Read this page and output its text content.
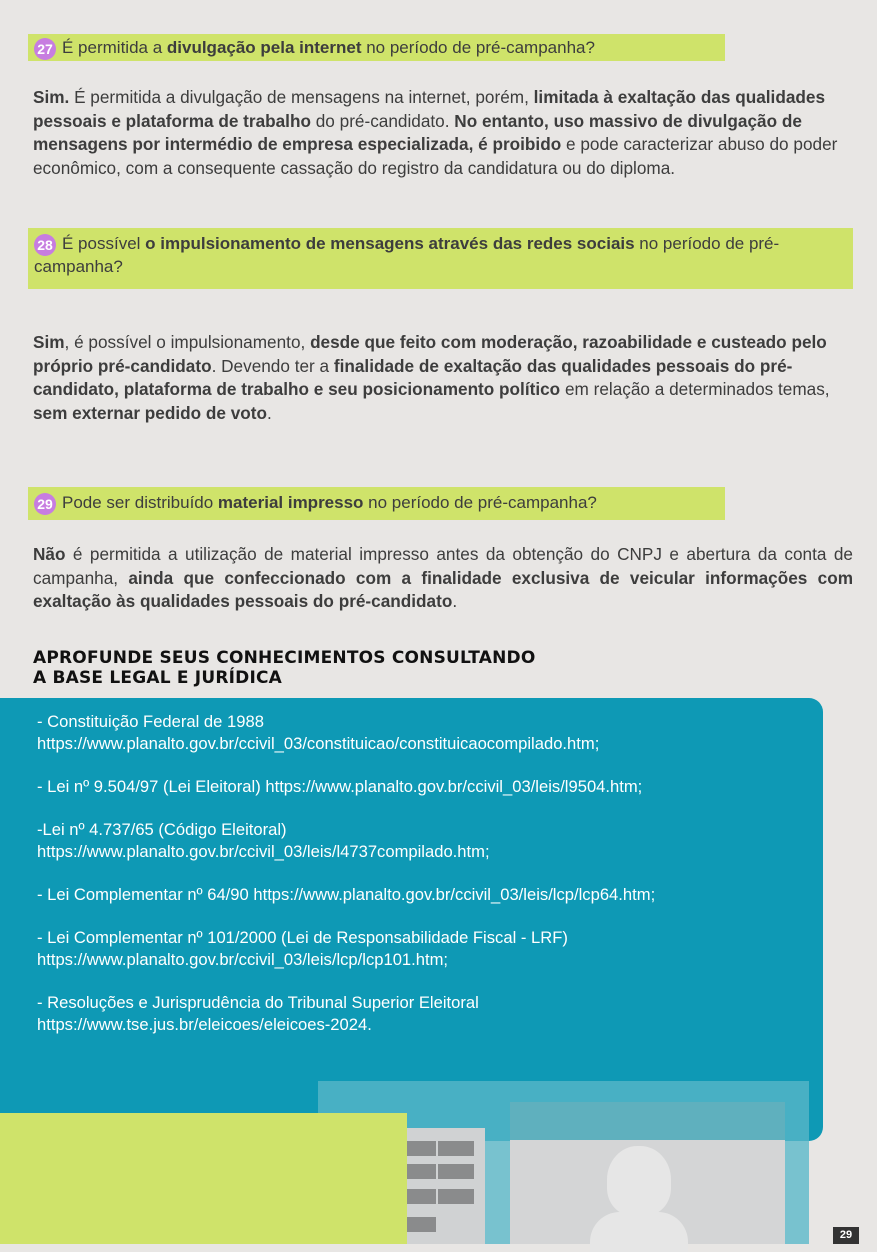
27 É permitida a divulgação pela internet no período de pré-campanha?
Sim. É permitida a divulgação de mensagens na internet, porém, limitada à exaltação das qualidades pessoais e plataforma de trabalho do pré-candidato. No entanto, uso massivo de divulgação de mensagens por intermédio de empresa especializada, é proibido e pode caracterizar abuso do poder econômico, com a consequente cassação do registro da candidatura ou do diploma.
28 É possível o impulsionamento de mensagens através das redes sociais no período de pré-campanha?
Sim, é possível o impulsionamento, desde que feito com moderação, razoabilidade e custeado pelo próprio pré-candidato. Devendo ter a finalidade de exaltação das qualidades pessoais do pré-candidato, plataforma de trabalho e seu posicionamento político em relação a determinados temas, sem externar pedido de voto.
29 Pode ser distribuído material impresso no período de pré-campanha?
Não é permitida a utilização de material impresso antes da obtenção do CNPJ e abertura da conta de campanha, ainda que confeccionado com a finalidade exclusiva de veicular informações com exaltação às qualidades pessoais do pré-candidato.
APROFUNDE SEUS CONHECIMENTOS CONSULTANDO
A BASE LEGAL E JURÍDICA
- Constituição Federal de 1988
https://www.planalto.gov.br/ccivil_03/constituicao/constituicaocompilado.htm;
- Lei nº 9.504/97 (Lei Eleitoral) https://www.planalto.gov.br/ccivil_03/leis/l9504.htm;
-Lei nº 4.737/65 (Código Eleitoral)
https://www.planalto.gov.br/ccivil_03/leis/l4737compilado.htm;
- Lei Complementar nº 64/90 https://www.planalto.gov.br/ccivil_03/leis/lcp/lcp64.htm;
- Lei Complementar nº 101/2000 (Lei de Responsabilidade Fiscal - LRF)
https://www.planalto.gov.br/ccivil_03/leis/lcp/lcp101.htm;
- Resoluções e Jurisprudência do Tribunal Superior Eleitoral
https://www.tse.jus.br/eleicoes/eleicoes-2024.
29
